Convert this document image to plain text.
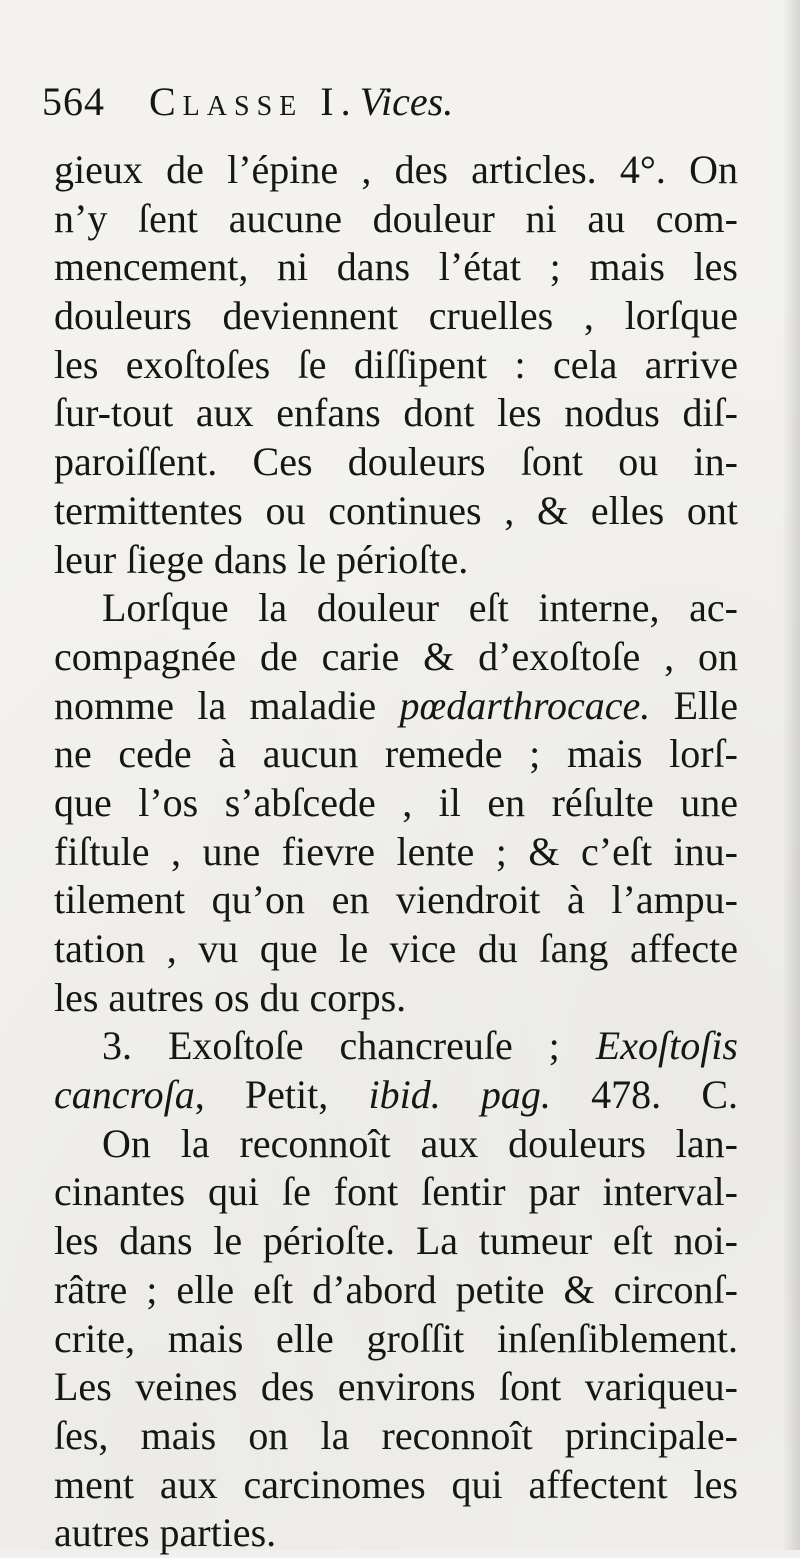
564 Classe I.Vices.
gieux de l’épine , des articles. 4°. On
n’y ſent aucune douleur ni au com-
mencement, ni dans l’état ; mais les
douleurs deviennent cruelles , lorſque
les exoſtoſes ſe diſſipent : cela arrive
ſur-tout aux enfans dont les nodus diſ-
paroiſſent. Ces douleurs ſont ou in-
termittentes ou continues , & elles ont
leur ſiege dans le périoſte.
Lorſque la douleur eſt interne, ac-
compagnée de carie & d’exoſtoſe , on
nomme la maladie pœdarthrocace. Elle
ne cede à aucun remede ; mais lorſ-
que l’os s’abſcede , il en réſulte une
fiſtule , une fievre lente ; & c’eſt inu-
tilement qu’on en viendroit à l’ampu-
tation , vu que le vice du ſang affecte
les autres os du corps.
3. Exoſtoſe chancreuſe ; Exoſtoſis
cancroſa, Petit, ibid. pag. 478. C.
On la reconnoît aux douleurs lan-
cinantes qui ſe font ſentir par interval-
les dans le périoſte. La tumeur eſt noi-
râtre ; elle eſt d’abord petite & circonſ-
crite, mais elle groſſit inſenſiblement.
Les veines des environs ſont variqueu-
ſes, mais on la reconnoît principale-
ment aux carcinomes qui affectent les
autres parties.
